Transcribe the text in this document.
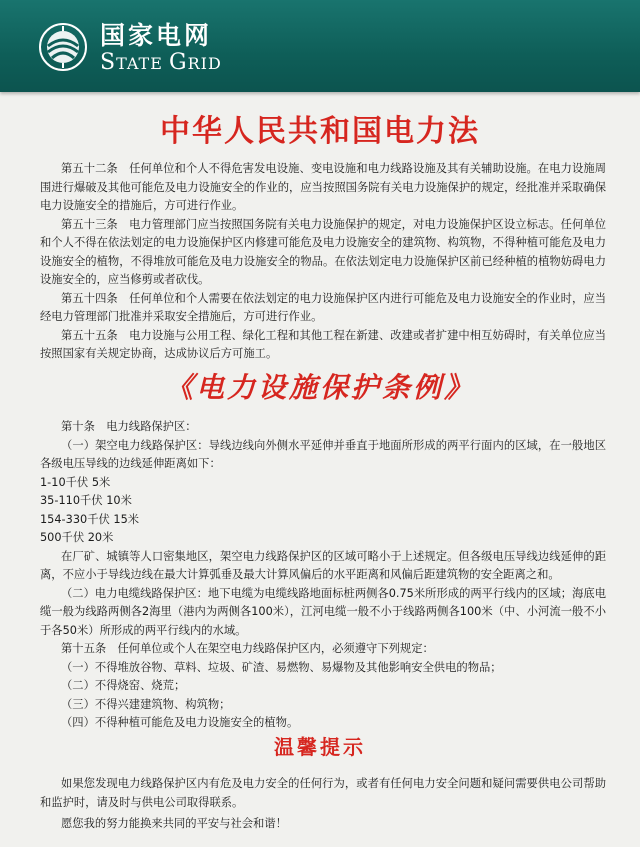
国家电网
STATE GRID
中华人民共和国电力法

第五十二条　任何单位和个人不得危害发电设施、变电设施和电力线路设施及其有关辅助设施。在电力设施周围进行爆破及其他可能危及电力设施安全的作业的，应当按照国务院有关电力设施保护的规定，经批准并采取确保电力设施安全的措施后，方可进行作业。

第五十三条　电力管理部门应当按照国务院有关电力设施保护的规定，对电力设施保护区设立标志。任何单位和个人不得在依法划定的电力设施保护区内修建可能危及电力设施安全的建筑物、构筑物，不得种植可能危及电力设施安全的植物，不得堆放可能危及电力设施安全的物品。在依法划定电力设施保护区前已经种植的植物妨碍电力设施安全的，应当修剪或者砍伐。

第五十四条　任何单位和个人需要在依法划定的电力设施保护区内进行可能危及电力设施安全的作业时，应当经电力管理部门批准并采取安全措施后，方可进行作业。

第五十五条　电力设施与公用工程、绿化工程和其他工程在新建、改建或者扩建中相互妨碍时，有关单位应当按照国家有关规定协商，达成协议后方可施工。

《电力设施保护条例》

第十条　电力线路保护区：

（一）架空电力线路保护区：导线边线向外侧水平延伸并垂直于地面所形成的两平行面内的区域，在一般地区各级电压导线的边线延伸距离如下：

1-10千伏 5米

35-110千伏 10米

154-330千伏 15米

500千伏 20米

在厂矿、城镇等人口密集地区，架空电力线路保护区的区域可略小于上述规定。但各级电压导线边线延伸的距离，不应小于导线边线在最大计算弧垂及最大计算风偏后的水平距离和风偏后距建筑物的安全距离之和。

（二）电力电缆线路保护区：地下电缆为电缆线路地面标桩两侧各0.75米所形成的两平行线内的区域；海底电缆一般为线路两侧各2海里（港内为两侧各100米），江河电缆一般不小于线路两侧各100米（中、小河流一般不小于各50米）所形成的两平行线内的水域。

第十五条　任何单位或个人在架空电力线路保护区内，必须遵守下列规定：

（一）不得堆放谷物、草料、垃圾、矿渣、易燃物、易爆物及其他影响安全供电的物品；

（二）不得烧窑、烧荒；

（三）不得兴建建筑物、构筑物；

（四）不得种植可能危及电力设施安全的植物。

温馨提示

如果您发现电力线路保护区内有危及电力安全的任何行为，或者有任何电力安全问题和疑问需要供电公司帮助和监护时，请及时与供电公司取得联系。

愿您我的努力能换来共同的平安与社会和谐！
